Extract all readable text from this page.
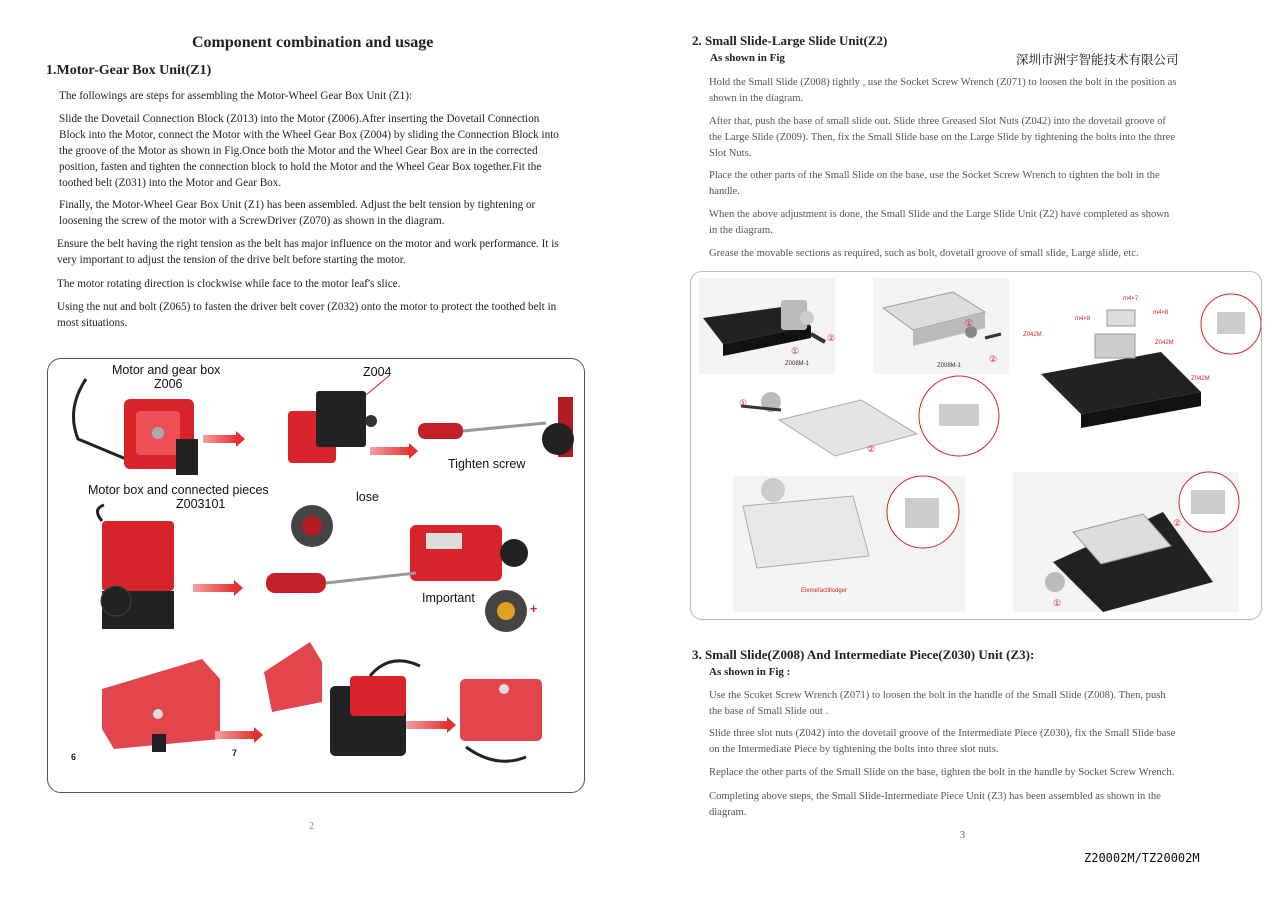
Component combination and usage
1.Motor-Gear Box Unit(Z1)

The followings are steps for assembling the Motor-Wheel Gear Box Unit (Z1):

Slide the Dovetail Connection Block (Z013) into the Motor (Z006).After inserting the Dovetail Connection
Block into the Motor, connect the Motor with the Wheel Gear Box (Z004) by sliding the Connection Block into
the groove of the Motor as shown in Fig.Once both the Motor and the Wheel Gear Box are in the corrected
position, fasten and tighten the connection block to hold the Motor and the Wheel Gear Box together.Fit the
toothed belt (Z031) into the Motor and Gear Box.

Finally, the Motor-Wheel Gear Box Unit (Z1) has been assembled. Adjust the belt tension by tightening or
loosening the screw of the motor with a ScrewDriver (Z070) as shown in the diagram.

Ensure the belt having the right tension as the belt has major influence on the motor and work performance. It is
very important to adjust the tension of the drive belt before starting the motor.

The motor rotating direction is clockwise while face to the motor leaf's slice.

Using the nut and bolt (Z065) to fasten the driver belt cover (Z032) onto the motor to protect the toothed belt in
most situations.

Motor and gear box
Z006
Z004
Tighten screw
Motor box and connected pieces
Z003101	lose
Important
+
6	7
2
2. Small Slide-Large Slide Unit(Z2)
深圳市洲宇智能技术有限公司
As shown in Fig

Hold the Small Slide (Z008) tightly , use the Socket Screw Wrench (Z071) to loosen the bolt in the position as
shown in the diagram.

After that, push the base of small slide out. Slide three Greased Slot Nuts (Z042) into the dovetail groove of
the Large Slide (Z009). Then, fix the Small Slide base on the Large Slide by tightening the bolts into the three
Slot Nuts.

Place the other parts of the Small Slide on the base, use the Socket Screw Wrench to tighten the bolt in the
handle.

When the above adjustment is done, the Small Slide and the Large Slide Unit (Z2) have completed as shown
in the diagram.

Grease the movable sections as required, such as bolt, dovetail groove of small slide, Large slide, etc.

Z008M-1
①
②
Z008M-1
①
②
m4×7
m4×8
m4×8
Z042M
Z042M
Z042M
①
②
Elemefactillodger
①
②
3. Small Slide(Z008) And Intermediate Piece(Z030) Unit (Z3):
As shown in Fig :

Use the Scoket Screw Wrench (Z071) to loosen the bolt in the handle of the Small Slide (Z008). Then, push
the base of Small Slide out .

Slide three slot nuts (Z042) into the dovetail groove of the Intermediate Piece (Z030), fix the Small Slide base
on the Intermediate Piece by tightening the bolts into three slot nuts.

Replace the other parts of the Small Slide on the base, tighten the bolt in the handle by Socket Screw Wrench.

Completing above steps, the Small Slide-Intermediate Piece Unit (Z3) has been assembled as shown in the
diagram.

3
Z20002M/TZ20002M
